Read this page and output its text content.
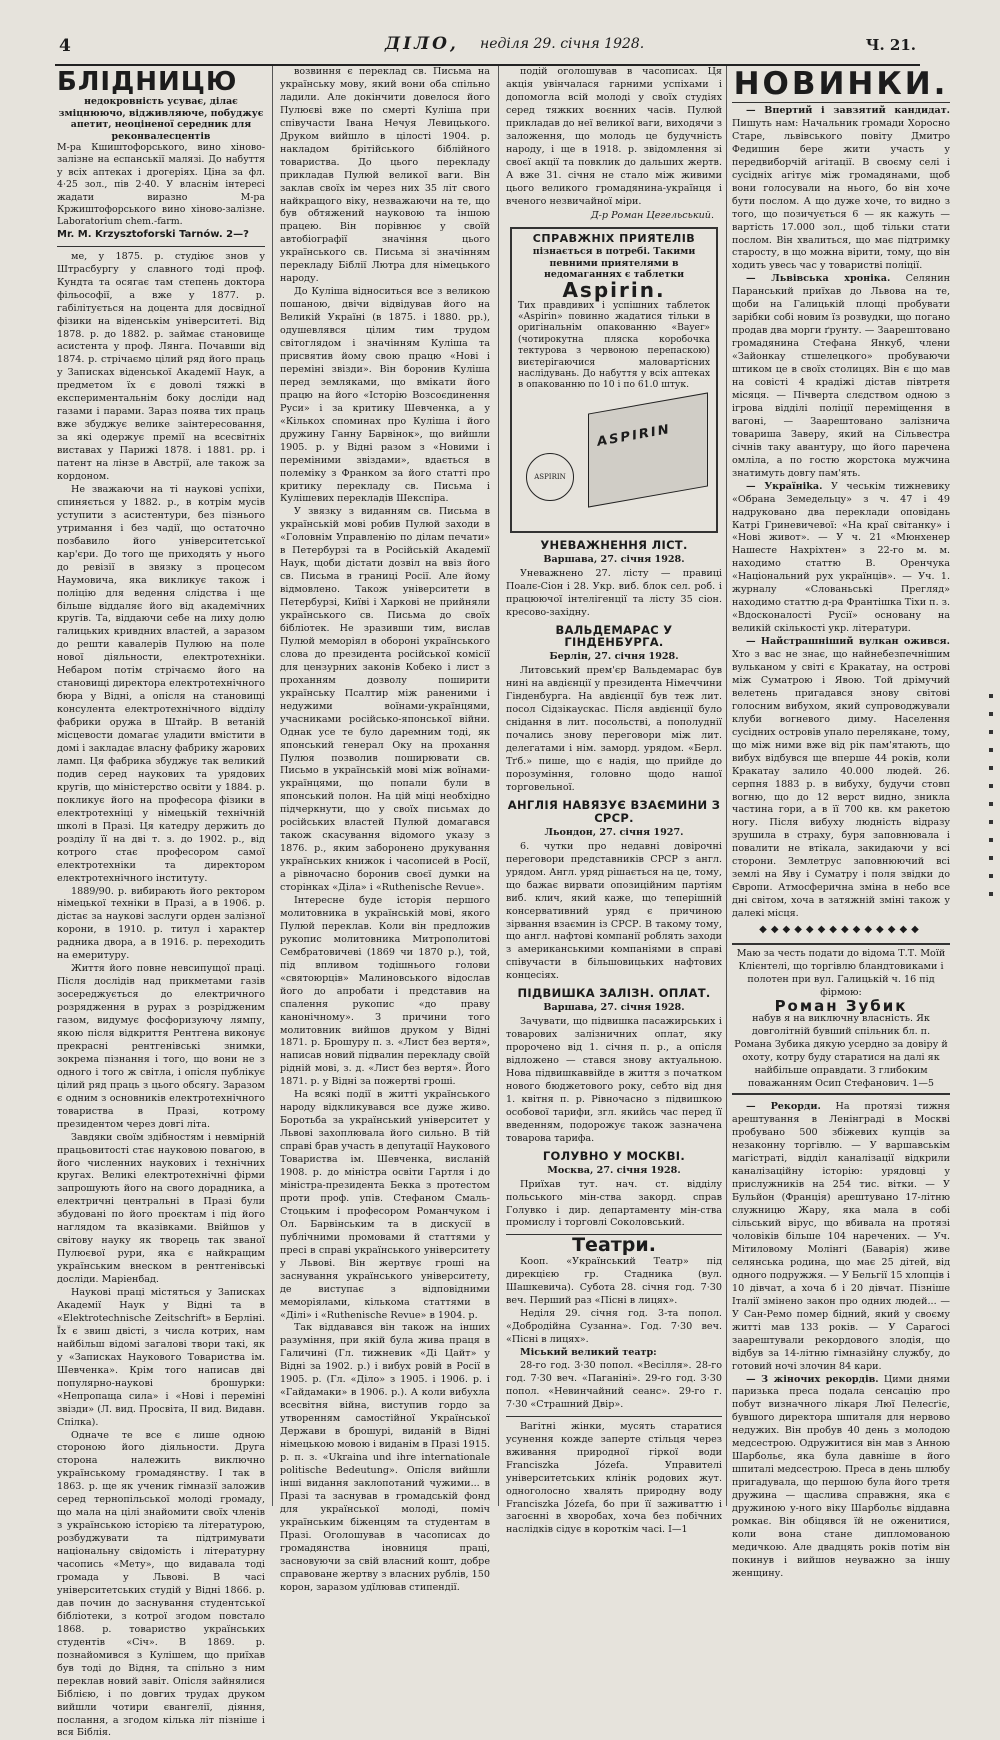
4	ДІЛО, неділя 29. січня 1928.	Ч. 21.
БЛІДНИЦЮ
недокровність усуває, ділає зміцнюючо, відживляюче, побуджує апетит, неоціненої середник для реконвалесцентів
М-ра Кшиштофорського, вино хіново-залізне на еспанськії малязі. До набуття у всіх аптеках і дрогеріях. Ціна за фл. 4·25 зол., пів 2·40. У власнім інтересі жадати виразно М-ра Кржиштофорського вино хіново-залізне. Laboratorium chem.-farm.
Mr. M. Krzysztoforski Tarnów. 2—?

ме, у 1875. р. студіює знов у Штрасбургу у славного тоді проф. Кундта та осягає там степень доктора фільософії, а вже у 1877. р. габілітується на доцента для досвідної фізики на віденськім університеті. Від 1878. р. до 1882. р. займає становище асистента у проф. Лянга. Почавши від 1874. р. стрічаємо цілий ряд його праць у Записках віденської Академії Наук, а предметом їх є доволі тяжкі в експериментальнім боку досліди над газами і парами. Зараз поява тих праць вже збуджує велике заінтересовання, за які одержує премії на всесвітніх виставах у Парижі 1878. і 1881. рр. і патент на лінзе в Австрії, але також за кордоном.

Не зважаючи на ті наукові успіхи, спиняється у 1882. р., в котрім мусів уступити з асистентури, без пізнього утримання і без чадії, що остаточно позбавило його університетської кар'єри. До того ще приходять у нього до ревізії в звязку з процесом Наумовича, яка викликує також і поліцію для ведення слідства і ще більше віддаляє його від академічних кругів. Та, віддаючи себе на лиху долю галицьких кривдних властей, а заразом до решти кавалерів Пулюю на поле нової діяльности, електротехніки. Небаром потім стрічаємо його на становищі директора електротехнічного бюра у Відні, а опісля на становищі консулента електротехнічного відділу фабрики оружа в Штайр. В ветаній місцевости домагає уладити вмістити в домі і закладає власну фабрику жарових ламп. Ця фабрика збуджує так великий подив серед наукових та урядових кругів, що міністерство освіти у 1884. р. покликує його на професора фізики в електротехніці у німецькій технічній школі в Празі. Ця катедру держить до розділу її на дві т. з. до 1902. р., від котрого стає професором самої електротехніки та директором електротехнічного інституту.

1889/90. р. вибирають його ректором німецької техніки в Празі, а в 1906. р. дістає за наукові заслуги орден залізної корони, в 1910. р. титул і характер радника двора, а в 1916. р. переходить на емеритуру.

Життя його повне невсипущої праці. Після дослідів над прикметами газів зосереджується до електричного розрядження в рурах з розрідженим газом, видумує фосфоризуючу лямпу, якою після відкриття Рентгена виконує прекрасні рентгенівські знимки, зокрема пізнання і того, що вони не з одного і того ж світла, і опісля публікує цілий ряд праць з цього обсягу. Заразом є одним з основників електротехнічного товариства в Празі, котрому президентом через довгі літа.

Завдяки своїм здібностям і невмірній працьовитості стає науковою повагою, в його численних наукових і технічних кругах. Великі електротехнічні фірми запрошують його на свого дорадника, а електричні центральні в Празі були збудовані по його проєктам і під його наглядом та вказівками. Ввійшов у світову науку як творець так званої Пулюєвої рури, яка є найкращим українським внеском в рентгенівські досліди. Маріенбад.

Наукові праці містяться у Записках Академії Наук у Відні та в «Elektrotechnische Zeitschrift» в Берліні. Їх є звиш двісті, з числа котрих, нам найбільш відомі загалові твори такі, як у «Записках Наукового Товариства ім. Шевченка». Крім того написав дві популярно-наукові брошурки: «Непропаща сила» і «Нові і переміні звізди» (Л. вид. Просвіта, II вид. Видавн. Спілка).

Одначе те все є лише одною стороною його діяльности. Друга сторона належить виключно українському громадянству. І так в 1863. р. ще як ученик гімназії заложив серед тернопільської молоді громаду, що мала на цілі знайомити своїх членів з українською історією та літературою, розбуджувати та підтримувати національну свідомість і літературну часопись «Мету», що видавала тоді громада у Львові. В часі університетських студій у Відні 1866. р. дав почин до заснування студентської бібліотеки, з котрої згодом повстало 1868. р. товариство українських студентів «Січ». В 1869. р. познайомився з Кулішем, що приїхав був тоді до Відня, та спільно з ним переклав новий завіт. Опісля зайнялися Біблією, і по довгих трудах друком вийшли чотири євангелії, діяння, послання, а згодом кілька літ пізніше і вся Біблія.

возвиння є переклад св. Письма на українську мову, який вони оба спільно ладили. Але докінчити довелося його Пулюєві вже по смерті Куліша при співучасти Івана Нечуя Левицького. Друком вийшло в цілості 1904. р. накладом брітійського біблійного товариства. До цього перекладу прикладав Пулюй великої ваги. Він заклав своїх ім через них 35 літ свого найкращого віку, незважаючи на те, що був обтяжений науковою та іншою працею. Він порівнює у своїй автобіографії значіння цього українського св. Письма зі значінням перекладу Біблії Лютра для німецького народу.

До Куліша відноситься все з великою пошаною, двічи відвідував його на Великій Україні (в 1875. і 1880. рр.), одушевлявся цілим тим трудом світоглядом і значінням Куліша та присвятив йому свою працю «Нові і переміні звізди». Він боронив Куліша перед земляками, що вмікати його працю на його «Історію Возсоєдинення Руси» і за критику Шевченка, а у «Кількох споминах про Куліша і його дружину Ганну Барвінок», що вийшли 1905. р. у Відні разом з «Новими і переміними звіздами», вдається в полеміку з Франком за його статті про критику перекладу св. Письма і Кулішевих перекладів Шекспіра.

У звязку з виданням св. Письма в українській мові робив Пулюй заходи в «Головнім Управленію по ділам печати» в Петербурзі та в Російській Академії Наук, щоби дістати дозвіл на ввіз його св. Письма в границі Росії. Але йому відмовлено. Також університети в Петербурзі, Київі і Харкові не прийняли українського св. Письма до своїх бібліотек. Не зразивши тим, вислав Пулюй меморіял в обороні українського слова до президента російської комісії для цензурних законів Кобеко і лист з проханням дозволу поширити українську Псалтир між раненими і недужими воїнами-українцями, учасниками російсько-японської війни. Однак усе те було даремним тоді, як японський генерал Оку на прохання Пулюя позволив поширювати св. Письмо в українській мові між воїнами-українцями, що попали були в японський полон. На цій міці необхідно підчеркнути, що у своїх письмах до російських властей Пулюй домагався також скасування відомого указу з 1876. р., яким заборонено друкування українських книжок і часописей в Росії, а рівночасно боронив своєї думки на сторінках «Діла» і «Ruthenische Revue».

Інтересне буде історія першого молитовника в українській мові, якого Пулюй переклав. Коли він предложив рукопис молитовника Митрополитові Сембратовичеві (1869 чи 1870 р.), той, під впливом тодішнього голови «святоюрців» Малиновського відослав його до апробати і представив на спалення рукопис «до праву канонічному». З причини того молитовник вийшов друком у Відні 1871. р. Брошуру п. з. «Лист без вертя», написав новий підвалин перекладу своїй рідній мові, з. д. «Лист без вертя». Його 1871. р. у Відні за пожертві гроші.

На всякі події в житті українського народу відкликувався все дуже живо. Боротьба за український університет у Львові захоплювала його сильно. В тій справі брав участь в депутації Наукового Товариства ім. Шевченка, висланій 1908. р. до міністра освіти Гартля і до міністра-президента Бекка з протестом проти проф. упів. Стефаном Смаль-Стоцьким і професором Романчуком і Ол. Барвінським та в дискусії в публічними промовами й статтями у пресі в справі українського університету у Львові. Він жертвує гроші на заснування українського університету, де виступає з відповідними меморіялами, кількома статтями в «Ділі» і «Ruthenische Revue» в 1904. р.

Так віддавався він також на інших разуміння, при якій була жива праця в Галичині (Гл. тижневик «Ді Цайт» у Відні за 1902. р.) і вибух ровій в Росії в 1905. р. (Гл. «Діло» з 1905. і 1906. р. і «Гайдамаки» в 1906. р.). А коли вибухла всесвітня війна, виступив гордо за утворенням самостійної Української Держави в брошурі, виданій в Відні німецькою мовою і виданім в Празі 1915. р. п. з. «Ukraina und ihre internationale politische Bedeutung». Опісля вийшли інші видання заклопотаний чужими... в Празі та заснував в громадській фонд для української молоді, поміч українським біженцям та студентам в Празі. Оголошував в часописах до громадянства іновниця праці, засновуючи за свій власний кошт, добре справоване жертву з власних рублів, 150 корон, заразом удїлював стипендії.

подій оголошував в часописах. Ця акція увінчалася гарними успіхами і допомогла всій молоді у своїх студіях серед тяжких воєнних часів. Пулюй прикладав до неї великої ваги, виходячи з заложення, що молодь це будучність народу, і ще в 1918. р. звідомлення зі своєї акції та повклик до дальших жертв. А вже 31. січня не стало між живими цього великого громадянина-українця і вченого незвичайної міри.

Д-р Роман Цегельський.
СПРАВЖНІХ ПРИЯТЕЛІВ
пізнається в потребі. Такими певними приятелями в недомаганнях є таблетки
Aspirin.
Тих правдивих і успішних таблеток «Aspirin» повинно жадатися тільки в оригінальнім опакованню «Bayer» (чотирокутна пляска коробочка тектурова з червоною перепаскою) виєтерігаючися маловартісних наслідувань. До набуття у всіх аптеках в опакованню по 10 і по 61.0 штук.
ASPIRIN
ASPIRIN
УНЕВАЖНЕННЯ ЛІСТ.
Варшава, 27. січня 1928.

Уневажнено 27. лісту — правиці Поалє-Сіон і 28. Укр. виб. блок сел. роб. і працюючої інтелігенції та лісту 35 сіон. кресово-західну.

ВАЛЬДЕМАРАС У ГІНДЕНБУРГА.
Берлін, 27. січня 1928.

Литовський прем'єр Вальдемарас був нині на авдієнції у президента Німеччини Гінденбурга. На авдієнції був теж лит. посол Сідзікаускас. Після авдієнції було снідання в лит. посольстві, а пополуднії почались знову переговори між лит. делегатами і нім. заморд. урядом. «Берл. Тґб.» пише, що є надія, що прийде до порозуміння, головно щодо нашої торговельної.

АНГЛІЯ НАВЯЗУЄ ВЗАЄМИНИ З СРСР.
Льондон, 27. січня 1927.

6. чутки про недавні довірочні переговори представників СРСР з англ. урядом. Англ. уряд рішається на це, тому, що бажає вирвати опозиційним партіям виб. клич, який каже, що теперішній консервативний уряд є причиною зірвання взаємин із СРСР. В такому тому, що англ. нафтові компанії роблять заходи з американськими компаніями в справі співучасти в більшовицьких нафтових концесіях.

ПІДВИШКА ЗАЛІЗН. ОПЛАТ.
Варшава, 27. січня 1928.

Зачувати, що підвишка пасажирських і товарових залізничних оплат, яку пророчено від 1. січня п. р., а опісля відложено — стався знову актуальною. Нова підвишкаввійде в життя з початком нового бюджетового року, себто від дня 1. квітня п. р. Рівночасно з підвишкою особової тарифи, згл. якийсь час перед її введенням, подорожує також зазначена товарова тарифа.

ГОЛУВНО У МОСКВІ.
Москва, 27. січня 1928.

Приїхав тут. нач. ст. відділу польського мін-ства закорд. справ Голувко і дир. департаменту мін-ства промислу і торговлі Соколовський.

Театри.

Кооп. «Український Театр» під дирекцією гр. Стадника (вул. Шашкевича). Субота 28. січня год. 7·30 веч. Перший раз «Пісні в лицях».

Неділя 29. січня год. 3-та попол. «Добродійна Сузанна». Год. 7·30 веч. «Пісні в лицях».

Міський великий театр:

28-го год. 3·30 попол. «Весілля». 28-го год. 7·30 веч. «Паганіні». 29-го год. 3·30 попол. «Невинчайний сеанс». 29-го г. 7·30 «Страшний Двір».

Вагітні жінки, мусять старатися усунення кожде заперте стільця через вживання природної гіркої води Franciszka Józefa. Управителі університетських клінік родових жут. одноголосно хвалять природну воду Franciszka Józefa, бо при її заживаттю і загоєнні в хворобах, хоча без побічних наслідків сідує в короткім часі. I—1

НОВИНКИ.

— Впертий і завзятий кандидат. Пишуть нам: Начальник громади Хоросно Старе, львівського повіту Дмитро Федишин бере жити участь у передвиборчій агітації. В своєму селі і сусідніх агітує між громадянами, щоб вони голосували на нього, бо він хоче бути послом. А що дуже хоче, то видно з того, що позичується 6 — як кажуть — вартість 17.000 зол., щоб тільки стати послом. Він хвалиться, що має підтримку старосту, в що можна вірити, тому, що він ходить увесь час у товаристві поліції.

— Львівська хроніка. Селянин Паранський приїхав до Львова на те, щоби на Галицькій площі пробувати зарібки собі новим їз розвудки, що погано продав два морги ґрунту. — Заарештовано громадянина Стефана Янкуб, члени «Зайонкау стшелецкого» пробуваючи штиком це в своїх столицях. Він є що мав на совісті 4 крадіжі дістав півтретя місяця. — Пічверта слєдством одною з ігрова відділі поліції переміщення в вагоні, — Заарештовано залізнича товариша Заверу, який на Сільвестра січнів таку авантуру, що його паречена омліла, а по гостю жорстока мужчина знатимуть довгу пам'ять.

— Українika. У чеськім тижневику «Обрана Земедельцу» з ч. 47 і 49 надруковано два переклади оповідань Катрі Гриневичевої: «На краї світанку» і «Нові живот». — У ч. 21 «Мюнхенер Нашесте Нахріхтен» з 22-го м. м. находимо статтю В. Оренчука «Національний рух українців». — Уч. 1. журналу «Слованьські Прегляд» находимо статтю д-ра Франтішка Тіхи п. з. «Вдосконалості Русії» основану на великій скількості укр. літератури.

— Найстрашніший вулкан ожився. Хто з вас не знає, що найнебезпечнішим вульканом у світі є Кракатау, на острові між Суматрою і Явою. Той дрімучий велетень пригадався знову світові голосним вибухом, який супроводжували клуби вогневого диму. Населення сусідних островів упало перелякане, тому, що між ними вже від рік пам'ятають, що вибух відбувся ще вперше 44 років, коли Кракатау залило 40.000 людей. 26. серпня 1883 р. в вибуху, будучи стовп вогню, що до 12 верст видно, зникла частина гори, а в її 700 кв. км ракетою ногу. Після вибуху людність відразу зрушила в страху, буря заповнювала і повалити не втікала, закидаючи у всі сторони. Землетрус заповнюючий всі землі на Яву і Суматру і поля звідки до Європи. Атмосферична зміна в небо все дні світом, хоча в затяжній зміні також у далекі місця.

◆◆◆◆◆◆◆◆◆◆◆◆◆◆
Маю за честь подати до відома Т.Т. Моїй Клієнтелі, що торгівлю бландтовиками і полотен при вул. Галицькій ч. 16 під фірмою:
Роман Зубик
набув я на виключну власність. Як довголітній бувший спільник бл. п. Романа Зубика дякую усердно за довіру й охоту, котру буду старатися на далі як найбільше оправдати. З глибоким поважанням Осип Стефанович. 1—5

— Рекорди. На протязі тижня арештування в Ленінграді в Москві пробувано 500 збіжевих купців за незаконну торгівлю. — У варшавськім магістраті, відділ каналізації відкрили каналізаційну історію: урядовці у прислужників на 254 тис. вітки. — У Бульйон (Франція) арештувано 17-літню служницю Жару, яка мала в собі сільський вірус, що вбивала на протязі чоловіків більше 104 наречених. — Уч. Мітиловому Молінгі (Баварія) живе селянська родина, що має 25 дітей, від одного подружжя. — У Бельгії 15 хлопців і 10 дівчат, а хоча б і 20 дівчат. Пізніше Італії змінено закон про одних людей... — У Сан-Ремо помер бідний, який у своєму житті мав 133 років. — У Сарагосі заарештували рекордового злодія, що відбув за 14-літню гімназійну службу, до готовий ночі злочин 84 кари.

— З жіночих рекордів. Цими днями паризька преса подала сенсацію про побут визначного лікаря Люї Пелесґіє, бувшого директора шпиталя для нервово недужих. Він пробув 40 день з молодою медсестрою. Одружитися він мав з Анною Шарбольє, яка була давніше в його шпиталі медсестрою. Преса в день шлюбу пригадувала, що першою була його третя дружина — щаслива справжня, яка є дружиною у-ного віку Шарбольє віддавна ромкає. Він обіцявся їй не оженитися, коли вона стане дипломованою медичкою. Але двадцять років потім він покинув і вийшов неуважно за іншу женщину.
